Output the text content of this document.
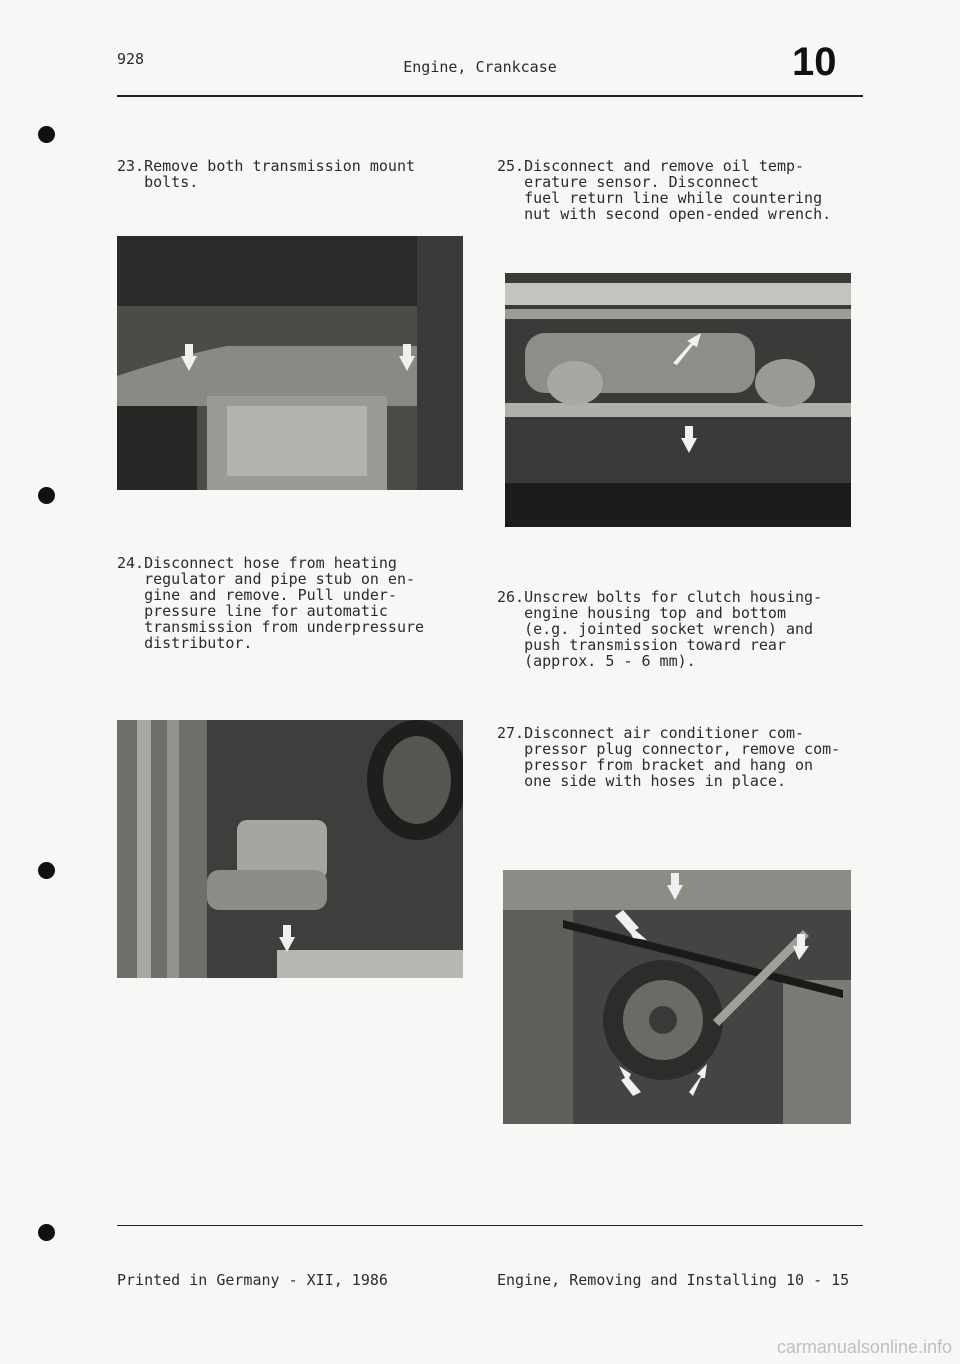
928	Engine, Crankcase	10
23.Remove both transmission mount
bolts.
24.Disconnect hose from heating
regulator and pipe stub on en-
gine and remove. Pull under-
pressure line for automatic
transmission from underpressure
distributor.
25.Disconnect and remove oil temp-
erature sensor. Disconnect
fuel return line while countering
nut with second open-ended wrench.
26.Unscrew bolts for clutch housing-
engine housing top and bottom
(e.g. jointed socket wrench) and
push transmission toward rear
(approx. 5 - 6 mm).
27.Disconnect air conditioner com-
pressor plug connector, remove com-
pressor from bracket and hang on
one side with hoses in place.
Printed in Germany - XII, 1986	Engine, Removing and Installing 10 - 15
carmanualsonline.info
